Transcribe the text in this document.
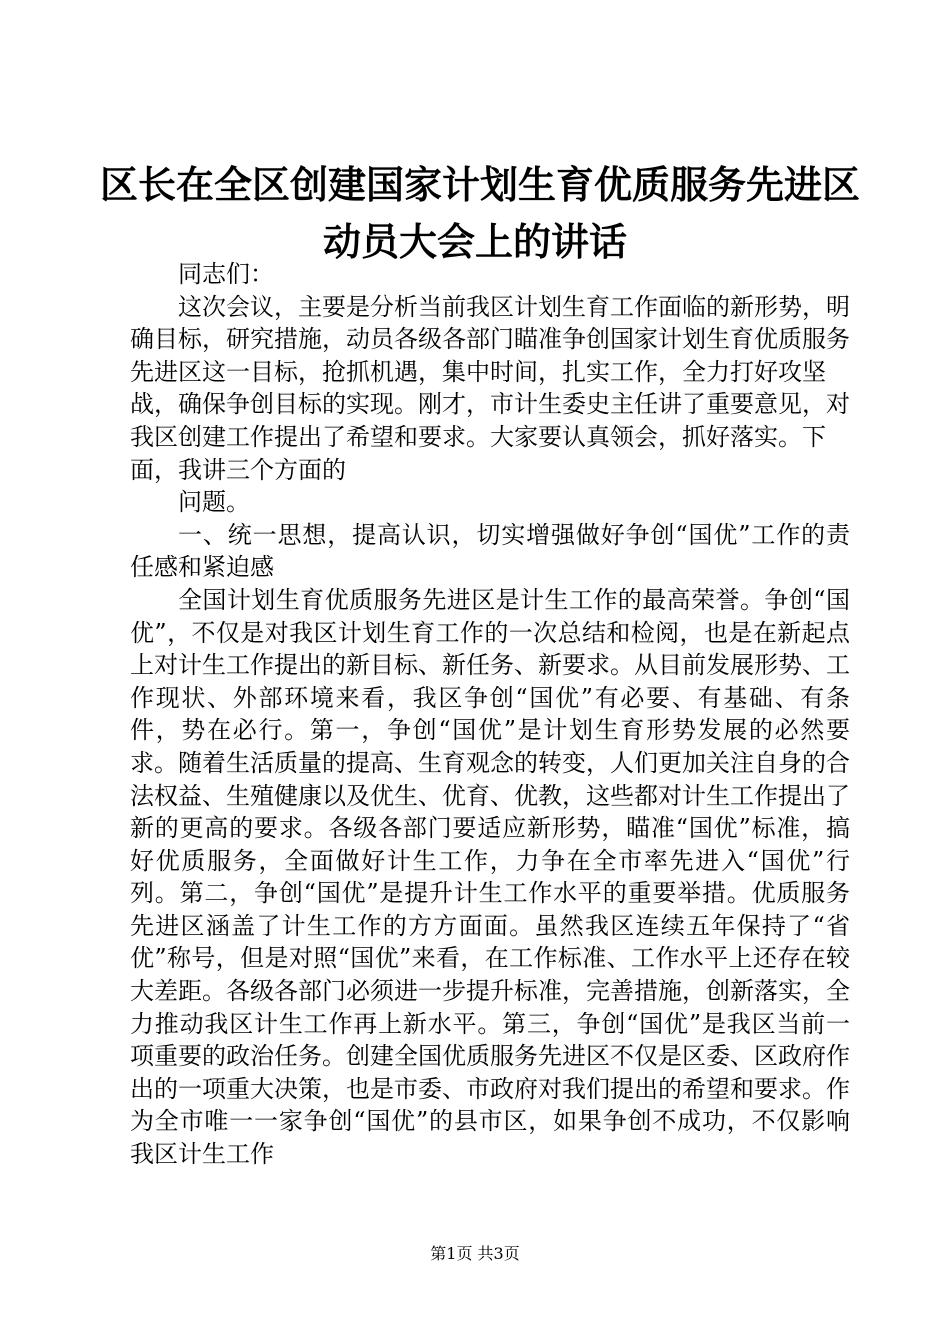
区长在全区创建国家计划生育优质服务先进区
动员大会上的讲话

同志们：

这次会议，主要是分析当前我区计划生育工作面临的新形势，明确目标，研究措施，动员各级各部门瞄准争创国家计划生育优质服务先进区这一目标，抢抓机遇，集中时间，扎实工作，全力打好攻坚战，确保争创目标的实现。刚才，市计生委史主任讲了重要意见，对我区创建工作提出了希望和要求。大家要认真领会，抓好落实。下面，我讲三个方面的

问题。

一、统一思想，提高认识，切实增强做好争创“国优”工作的责任感和紧迫感

全国计划生育优质服务先进区是计生工作的最高荣誉。争创“国优”，不仅是对我区计划生育工作的一次总结和检阅，也是在新起点上对计生工作提出的新目标、新任务、新要求。从目前发展形势、工作现状、外部环境来看，我区争创“国优”有必要、有基础、有条件，势在必行。第一，争创“国优”是计划生育形势发展的必然要求。随着生活质量的提高、生育观念的转变，人们更加关注自身的合法权益、生殖健康以及优生、优育、优教，这些都对计生工作提出了新的更高的要求。各级各部门要适应新形势，瞄准“国优”标准，搞好优质服务，全面做好计生工作，力争在全市率先进入“国优”行列。第二，争创“国优”是提升计生工作水平的重要举措。优质服务先进区涵盖了计生工作的方方面面。虽然我区连续五年保持了“省优”称号，但是对照“国优”来看，在工作标准、工作水平上还存在较大差距。各级各部门必须进一步提升标准，完善措施，创新落实，全力推动我区计生工作再上新水平。第三，争创“国优”是我区当前一项重要的政治任务。创建全国优质服务先进区不仅是区委、区政府作出的一项重大决策，也是市委、市政府对我们提出的希望和要求。作为全市唯一一家争创“国优”的县市区，如果争创不成功，不仅影响我区计生工作

第1页 共3页
